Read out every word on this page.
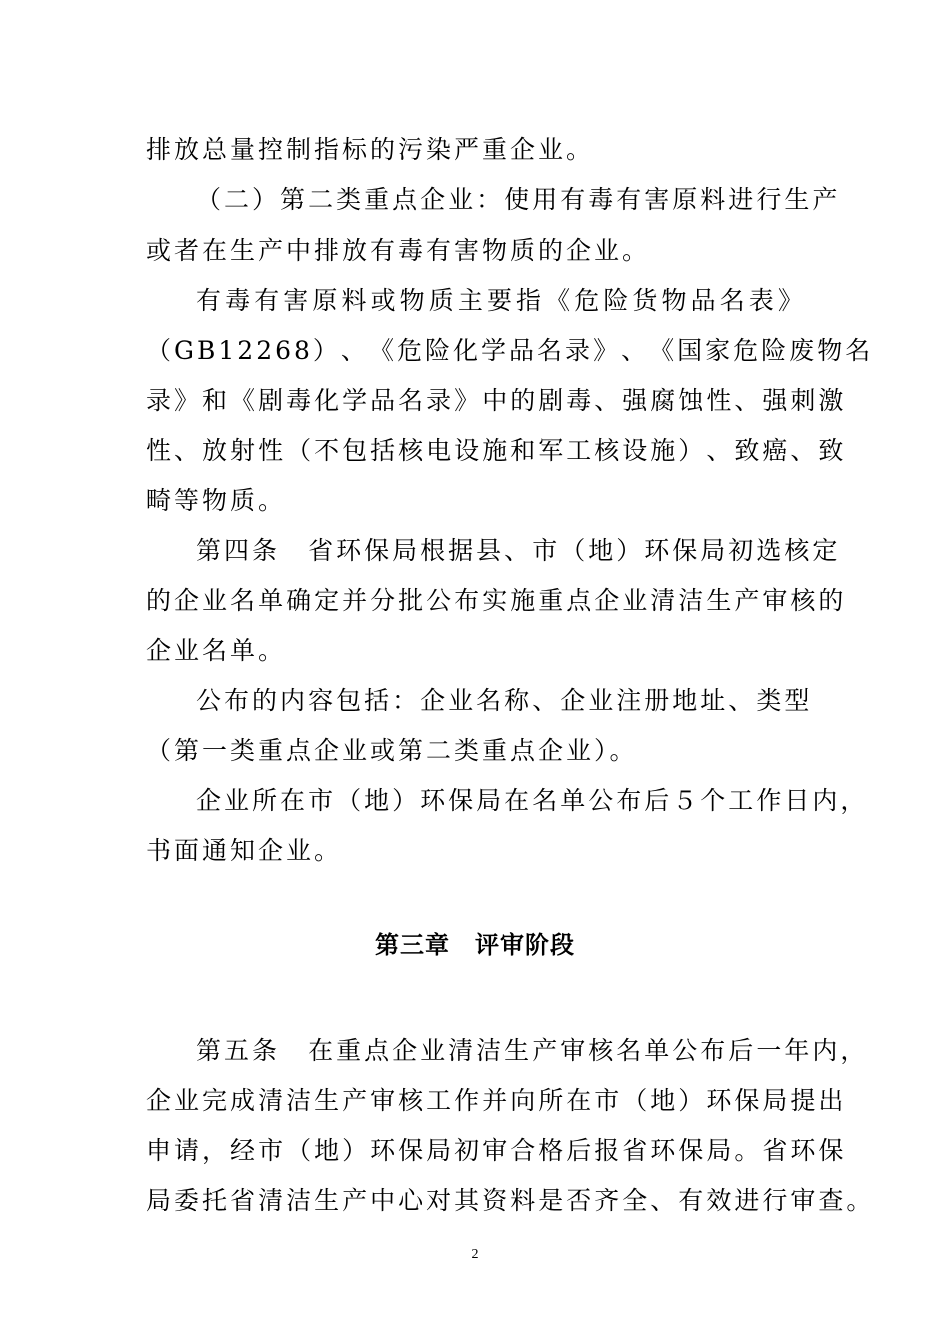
排放总量控制指标的污染严重企业。
（ 二 ） 第 二 类 重 点 企 业 ： 使 用 有 毒 有 害 原 料 进 行 生 产
或者在生产中排放有毒有害物质的企业。
有 毒 有 害 原 料 或 物 质 主 要 指 《 危 险 货 物 品 名 表 》
（ G B 1 2 2 6 8 ） 、 《 危 险 化 学 品 名 录 》 、 《 国 家 危 险 废 物 名
录 》 和 《 剧 毒 化 学 品 名 录 》 中 的 剧 毒 、 强 腐 蚀 性 、 强 刺 激
性 、 放 射 性 （ 不 包 括 核 电 设 施 和 军 工 核 设 施 ） 、 致 癌 、 致
畸等物质。
第 四 条
　 省 环 保 局 根 据 县 、 市 （ 地 ） 环 保 局 初 选 核 定
的 企 业 名 单 确 定 并 分 批 公 布 实 施 重 点 企 业 清 洁 生 产 审 核 的
企业名单。
公 布 的 内 容 包 括 ： 企 业 名 称 、 企 业 注 册 地 址 、 类 型
（第一类重点企业或第二类重点企业）。
企 业 所 在 市 （ 地 ） 环 保 局 在 名 单 公 布 后 ５ 个 工 作 日 内 ，
书面通知企业。
第三章　评审阶段
第 五 条
　 在 重 点 企 业 清 洁 生 产 审 核 名 单 公 布 后 一 年 内 ，
企 业 完 成 清 洁 生 产 审 核 工 作 并 向 所 在 市 （ 地 ） 环 保 局 提 出
申 请 ， 经 市 （ 地 ） 环 保 局 初 审 合 格 后 报 省 环 保 局 。 省 环 保
局 委 托 省 清 洁 生 产 中 心 对 其 资 料 是 否 齐 全 、 有 效 进 行 审 查 。
2
